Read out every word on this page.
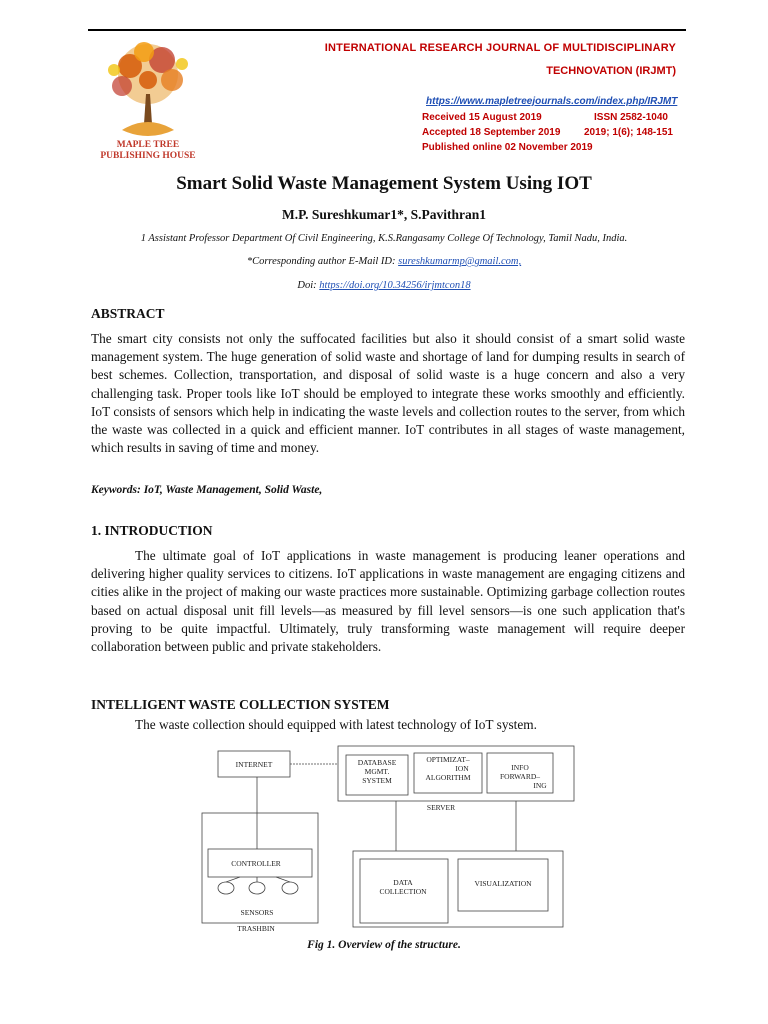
MAPLE TREE
PUBLISHING HOUSE
INTERNATIONAL RESEARCH JOURNAL OF MULTIDISCIPLINARY
TECHNOVATION (IRJMT)
https://www.mapletreejournals.com/index.php/IRJMT
Received 15 August 2019	ISSN 2582-1040
Accepted 18 September 2019 2019; 1(6); 148-151
Published online 02 November 2019
Smart Solid Waste Management System Using IOT
M.P. Sureshkumar1*, S.Pavithran1
1 Assistant Professor Department Of Civil Engineering, K.S.Rangasamy College Of Technology, Tamil Nadu, India.
*Corresponding author E-Mail ID: sureshkumarmp@gmail.com,
Doi: https://doi.org/10.34256/irjmtcon18
ABSTRACT
The smart city consists not only the suffocated facilities but also it should consist of a smart solid waste management system. The huge generation of solid waste and shortage of land for dumping results in search of best schemes. Collection, transportation, and disposal of solid waste is a huge concern and also a very challenging task. Proper tools like IoT should be employed to integrate these works smoothly and efficiently. IoT consists of sensors which help in indicating the waste levels and collection routes to the server, from which the waste was collected in a quick and efficient manner. IoT contributes in all stages of waste management, which results in saving of time and money.
Keywords: IoT, Waste Management, Solid Waste,
1. INTRODUCTION
The ultimate goal of IoT applications in waste management is producing leaner operations and delivering higher quality services to citizens. IoT applications in waste management are engaging citizens and cities alike in the project of making our waste practices more sustainable. Optimizing garbage collection routes based on actual disposal unit fill levels—as measured by fill level sensors—is one such application that's proving to be quite impactful. Ultimately, truly transforming waste management will require deeper collaboration between public and private stakeholders.
INTELLIGENT WASTE COLLECTION SYSTEM
The waste collection should equipped with latest technology of IoT system.
INTERNET	DATABASE
MGMT.
SYSTEM
OPTIMIZAT–
ION
ALGORITHM
INFO
FORWARD–
ING
SERVER
CONTROLLER
SENSORS
TRASHBIN
DATA
COLLECTION
VISUALIZATION
Fig 1. Overview of the structure.
